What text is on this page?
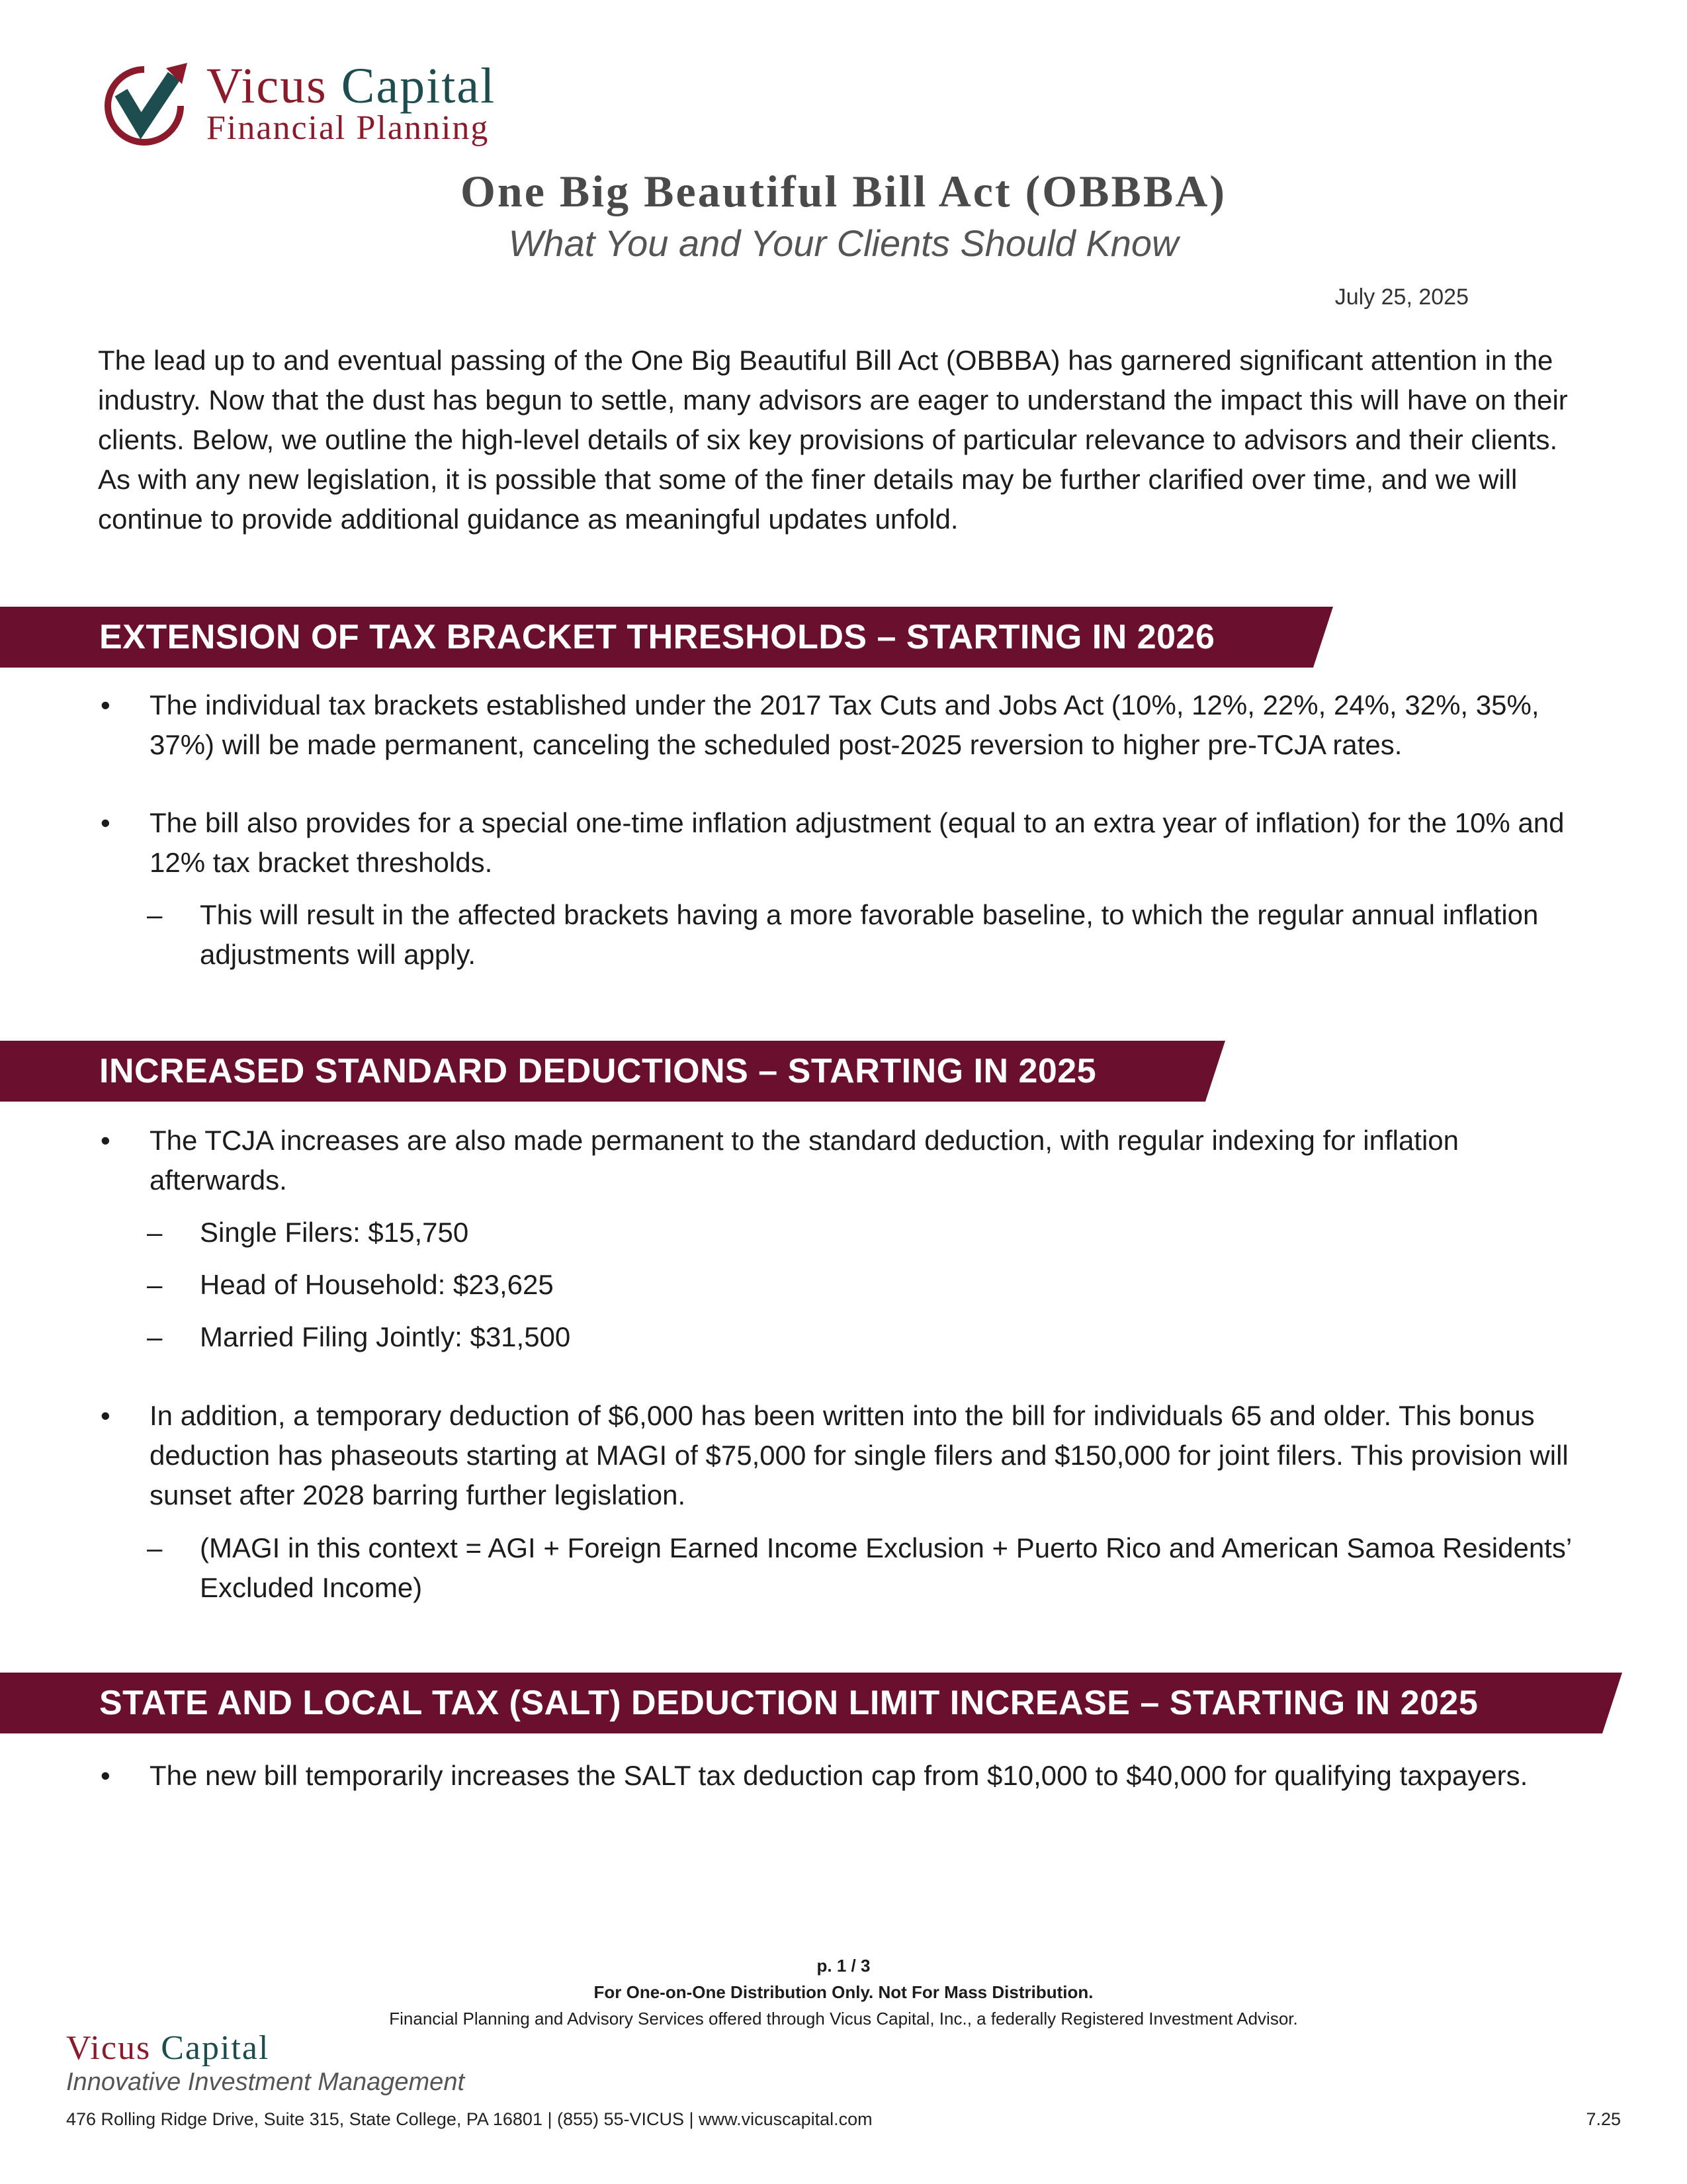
Vicus Capital
Financial Planning
One Big Beautiful Bill Act (OBBBA)
What You and Your Clients Should Know
July 25, 2025
The lead up to and eventual passing of the One Big Beautiful Bill Act (OBBBA) has garnered significant attention in the industry. Now that the dust has begun to settle, many advisors are eager to understand the impact this will have on their clients. Below, we outline the high-level details of six key provisions of particular relevance to advisors and their clients. As with any new legislation, it is possible that some of the finer details may be further clarified over time, and we will continue to provide additional guidance as meaningful updates unfold.
EXTENSION OF TAX BRACKET THRESHOLDS – STARTING IN 2026
• The individual tax brackets established under the 2017 Tax Cuts and Jobs Act (10%, 12%, 22%, 24%, 32%, 35%, 37%) will be made permanent, canceling the scheduled post-2025 reversion to higher pre-TCJA rates.
• The bill also provides for a special one-time inflation adjustment (equal to an extra year of inflation) for the 10% and 12% tax bracket thresholds.
– This will result in the affected brackets having a more favorable baseline, to which the regular annual inflation adjustments will apply.
INCREASED STANDARD DEDUCTIONS – STARTING IN 2025
• The TCJA increases are also made permanent to the standard deduction, with regular indexing for inflation afterwards.
– Single Filers: $15,750
– Head of Household: $23,625
– Married Filing Jointly: $31,500
• In addition, a temporary deduction of $6,000 has been written into the bill for individuals 65 and older. This bonus deduction has phaseouts starting at MAGI of $75,000 for single filers and $150,000 for joint filers. This provision will sunset after 2028 barring further legislation.
– (MAGI in this context = AGI + Foreign Earned Income Exclusion + Puerto Rico and American Samoa Residents’ Excluded Income)
STATE AND LOCAL TAX (SALT) DEDUCTION LIMIT INCREASE – STARTING IN 2025
• The new bill temporarily increases the SALT tax deduction cap from $10,000 to $40,000 for qualifying taxpayers.
p. 1 / 3
For One-on-One Distribution Only. Not For Mass Distribution.
Financial Planning and Advisory Services offered through Vicus Capital, Inc., a federally Registered Investment Advisor.
Vicus Capital
Innovative Investment Management
476 Rolling Ridge Drive, Suite 315, State College, PA 16801 | (855) 55-VICUS | www.vicuscapital.com	7.25
